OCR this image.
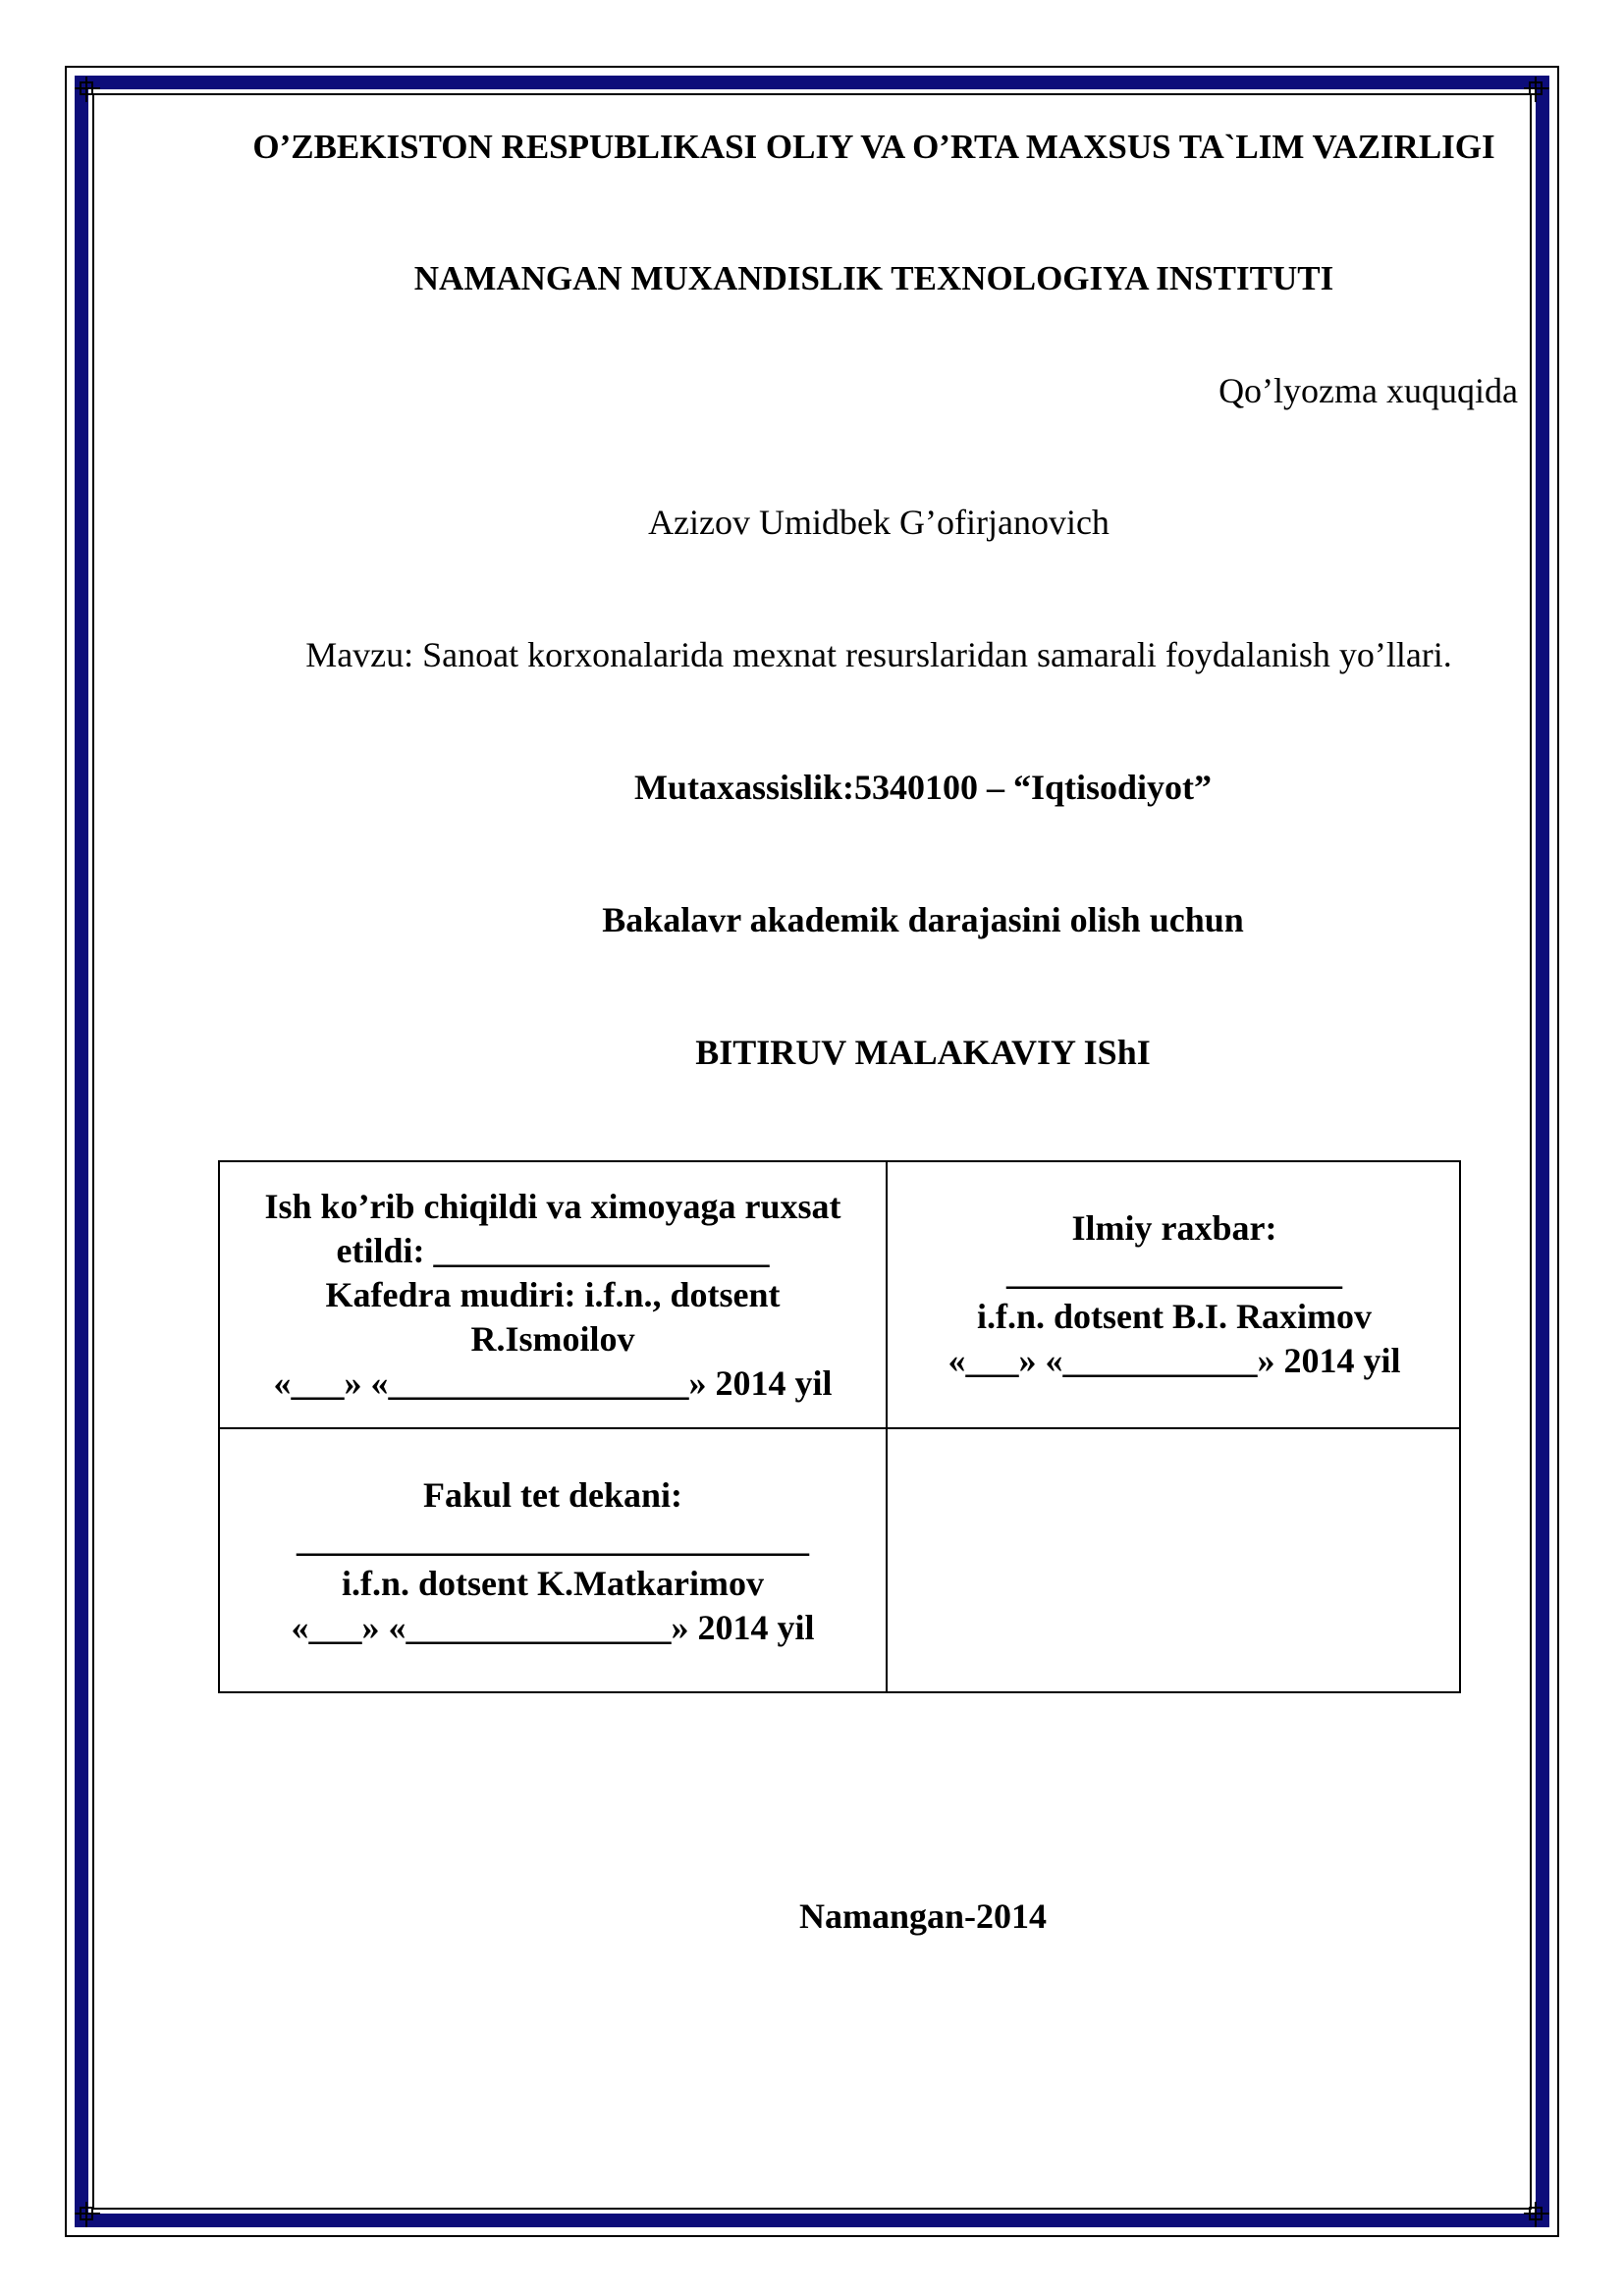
O’ZBEKISTON RESPUBLIKASI OLIY VA O’RTA MAXSUS TA`LIM VAZIRLIGI
NAMANGAN MUXANDISLIK TEXNOLOGIYA INSTITUTI
Qo’lyozma xuquqida
Azizov Umidbek G’ofirjanovich
Mavzu: Sanoat korxonalarida mexnat resurslaridan samarali foydalanish yo’llari.
Mutaxassislik:5340100 – “Iqtisodiyot”
Bakalavr akademik darajasini olish uchun
BITIRUV MALAKAVIY IShI
Ish ko’rib chiqildi va ximoyaga ruxsat
etildi: ___________________
Kafedra mudiri: i.f.n., dotsent
R.Ismoilov
«___» «_________________» 2014 yil
Ilmiy raxbar:
___________________
i.f.n. dotsent B.I. Raximov
«___» «___________» 2014 yil
Fakul tet dekani:
_____________________________
i.f.n. dotsent K.Matkarimov
«___» «_______________» 2014 yil
Namangan-2014
